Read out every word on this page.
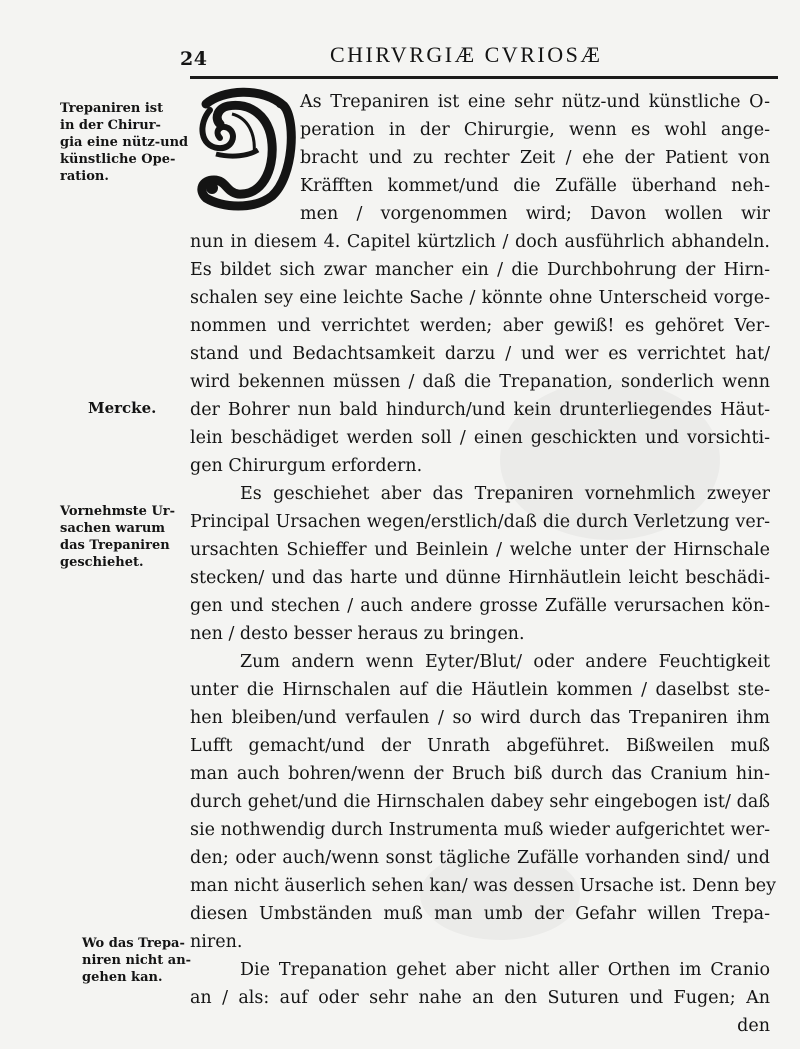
24	CHIRVRGIÆ CVRIOSÆ
Trepaniren ist
in der Chirur-
gia eine nütz-und
künstliche Ope-
ration.
Mercke.
Vornehmste Ur-
sachen warum
das Trepaniren
geschiehet.
Wo das Trepa-
niren nicht an-
gehen kan.
As Trepaniren ist eine sehr nütz-und künstliche O-
peration in der Chirurgie, wenn es wohl ange-
bracht und zu rechter Zeit / ehe der Patient von
Kräfften kommet/und die Zufälle überhand neh-
men / vorgenommen wird; Davon wollen wir
nun in diesem 4. Capitel kürtzlich / doch ausführlich abhandeln.
Es bildet sich zwar mancher ein / die Durchbohrung der Hirn-
schalen sey eine leichte Sache / könnte ohne Unterscheid vorge-
nommen und verrichtet werden; aber gewiß! es gehöret Ver-
stand und Bedachtsamkeit darzu / und wer es verrichtet hat/
wird bekennen müssen / daß die Trepanation, sonderlich wenn
der Bohrer nun bald hindurch/und kein drunterliegendes Häut-
lein beschädiget werden soll / einen geschickten und vorsichti-
gen Chirurgum erfordern.
Es geschiehet aber das Trepaniren vornehmlich zweyer
Principal Ursachen wegen/erstlich/daß die durch Verletzung ver-
ursachten Schieffer und Beinlein / welche unter der Hirnschale
stecken/ und das harte und dünne Hirnhäutlein leicht beschädi-
gen und stechen / auch andere grosse Zufälle verursachen kön-
nen / desto besser heraus zu bringen.
Zum andern wenn Eyter/Blut/ oder andere Feuchtigkeit
unter die Hirnschalen auf die Häutlein kommen / daselbst ste-
hen bleiben/und verfaulen / so wird durch das Trepaniren ihm
Lufft gemacht/und der Unrath abgeführet. Bißweilen muß
man auch bohren/wenn der Bruch biß durch das Cranium hin-
durch gehet/und die Hirnschalen dabey sehr eingebogen ist/ daß
sie nothwendig durch Instrumenta muß wieder aufgerichtet wer-
den; oder auch/wenn sonst tägliche Zufälle vorhanden sind/ und
man nicht äuserlich sehen kan/ was dessen Ursache ist. Denn bey
diesen Umbständen muß man umb der Gefahr willen Trepa-
niren.
Die Trepanation gehet aber nicht aller Orthen im Cranio
an / als: auf oder sehr nahe an den Suturen und Fugen; An
den
